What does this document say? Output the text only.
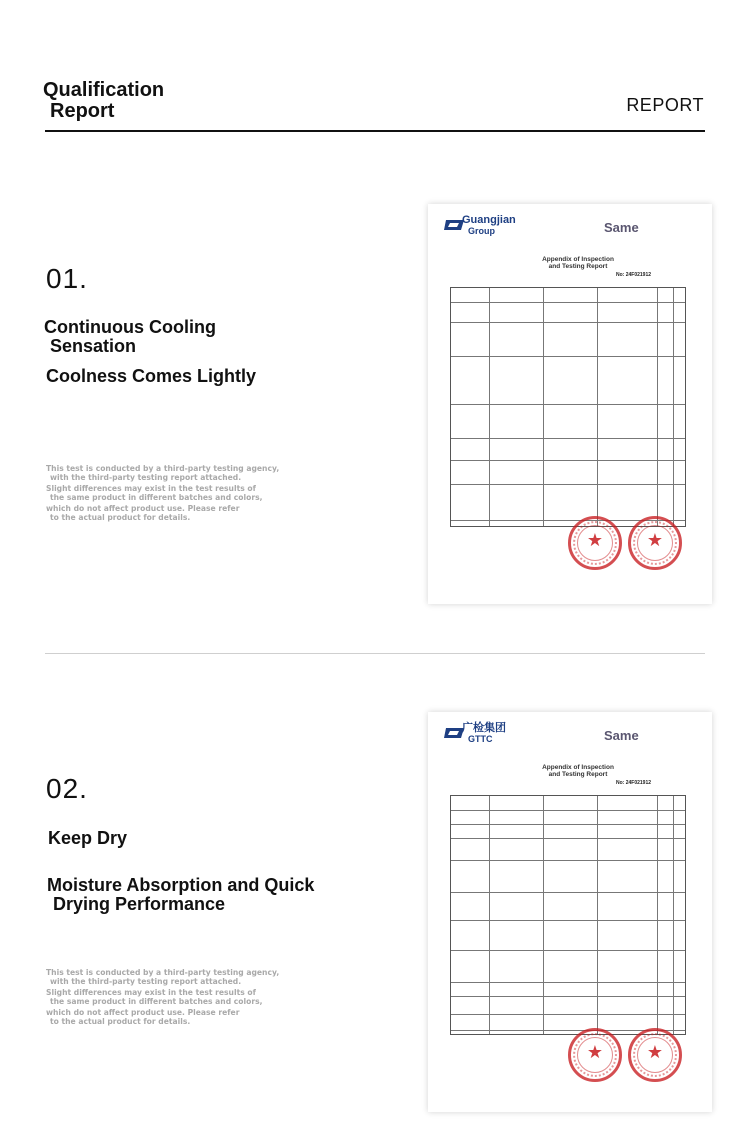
Qualification
Report	REPORT
01.
Continuous Cooling
Sensation
Coolness Comes Lightly

This test is conducted by a third-party testing agency,
with the third-party testing report attached.

Slight differences may exist in the test results of
the same product in different batches and colors,

which do not affect product use. Please refer
to the actual product for details.

Guangjian
Group	Same
Appendix of Inspection
and Testing Report
No: 24F021912
★	★
02.
Keep Dry
Moisture Absorption and Quick
Drying Performance

This test is conducted by a third-party testing agency,
with the third-party testing report attached.

Slight differences may exist in the test results of
the same product in different batches and colors,

which do not affect product use. Please refer
to the actual product for details.

广检集团
GTTC	Same
Appendix of Inspection
and Testing Report
No: 24F021912
★	★
